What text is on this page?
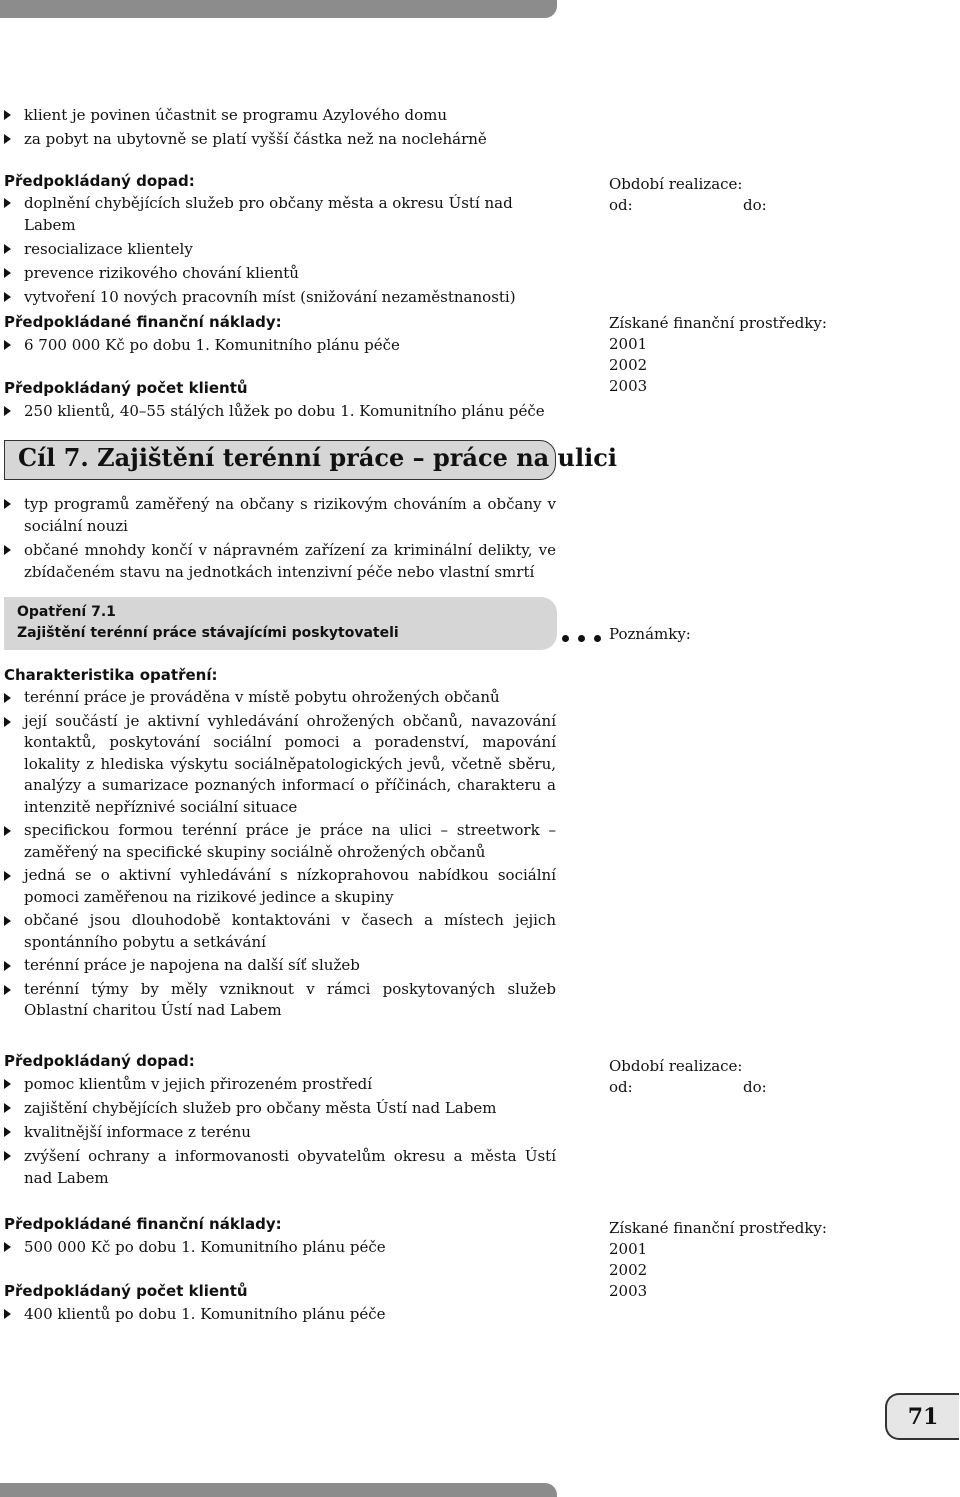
klient je povinen účastnit se programu Azylového domu
za pobyt na ubytovně se platí vyšší částka než na noclehárně

Předpokládaný dopad:

doplnění chybějících služeb pro občany města a okresu Ústí nad Labem
resocializace klientely
prevence rizikového chování klientů
vytvoření 10 nových pracovníh míst (snižování nezaměstnanosti)

Předpokládané finanční náklady:

6 700 000 Kč po dobu 1. Komunitního plánu péče

Předpokládaný počet klientů

250 klientů, 40–55 stálých lůžek po dobu 1. Komunitního plánu péče
Období realizace:
od:	do:
Získané finanční prostředky:
2001
2002
2003
Cíl 7. Zajištění terénní práce – práce na ulici
typ programů zaměřený na občany s rizikovým chováním a občany v sociální nouzi
občané mnohdy končí v nápravném zařízení za kriminální delikty, ve zbídačeném stavu na jednotkách intenzivní péče nebo vlastní smrtí
Opatření 7.1
Zajištění terénní práce stávajícími poskytovateli	Poznámky:

Charakteristika opatření:

terénní práce je prováděna v místě pobytu ohrožených občanů
její součástí je aktivní vyhledávání ohrožených občanů, navazování kontaktů, poskytování sociální pomoci a poradenství, mapování lokality z hlediska výskytu sociálněpatologických jevů, včetně sběru, analýzy a sumarizace poznaných informací o příčinách, charakteru a intenzitě nepříznivé sociální situace
specifickou formou terénní práce je práce na ulici – streetwork – zaměřený na specifické skupiny sociálně ohrožených občanů
jedná se o aktivní vyhledávání s nízkoprahovou nabídkou sociální pomoci zaměřenou na rizikové jedince a skupiny
občané jsou dlouhodobě kontaktováni v časech a místech jejich spontánního pobytu a setkávání
terénní práce je napojena na další síť služeb
terénní týmy by měly vzniknout v rámci poskytovaných služeb Oblastní charitou Ústí nad Labem

Předpokládaný dopad:

pomoc klientům v jejich přirozeném prostředí
zajištění chybějících služeb pro občany města Ústí nad Labem
kvalitnější informace z terénu
zvýšení ochrany a informovanosti obyvatelům okresu a města Ústí nad Labem

Předpokládané finanční náklady:

500 000 Kč po dobu 1. Komunitního plánu péče

Předpokládaný počet klientů

400 klientů po dobu 1. Komunitního plánu péče
Období realizace:
od:	do:
Získané finanční prostředky:
2001
2002
2003
71
